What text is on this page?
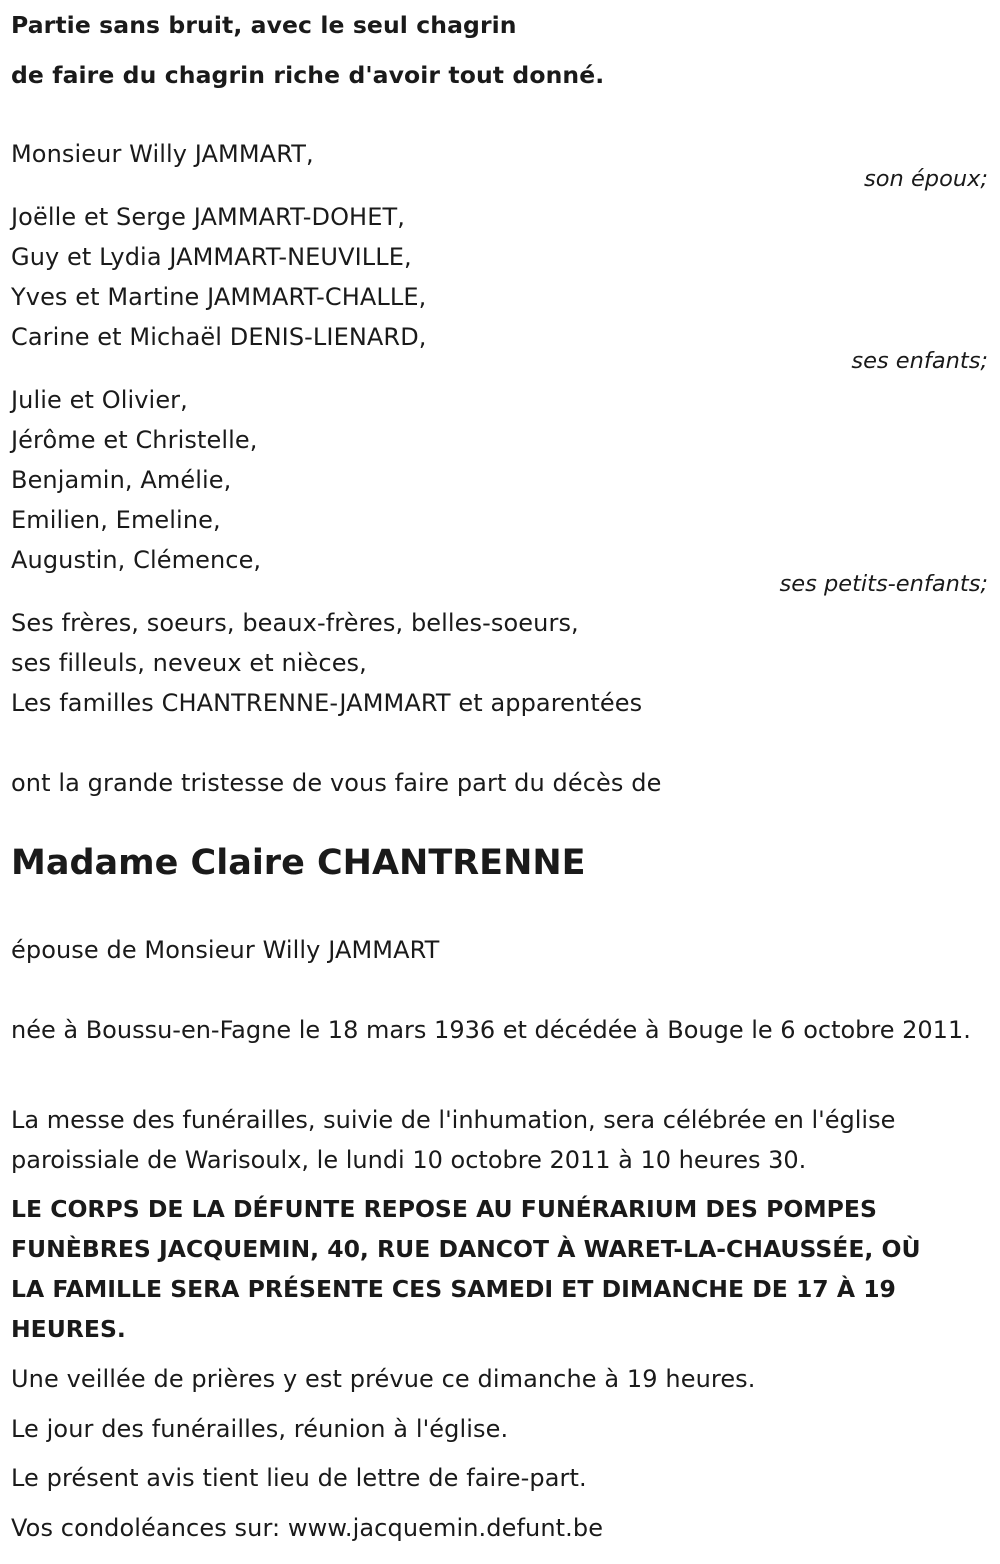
Partie sans bruit, avec le seul chagrin
de faire du chagrin riche d'avoir tout donné.
Monsieur Willy JAMMART,
son époux;
Joëlle et Serge JAMMART-DOHET,
Guy et Lydia JAMMART-NEUVILLE,
Yves et Martine JAMMART-CHALLE,
Carine et Michaël DENIS-LIENARD,
ses enfants;
Julie et Olivier,
Jérôme et Christelle,
Benjamin, Amélie,
Emilien, Emeline,
Augustin, Clémence,
ses petits-enfants;
Ses frères, soeurs, beaux-frères, belles-soeurs,
ses filleuls, neveux et nièces,
Les familles CHANTRENNE-JAMMART et apparentées
ont la grande tristesse de vous faire part du décès de
Madame Claire CHANTRENNE
épouse de Monsieur Willy JAMMART
née à Boussu-en-Fagne le 18 mars 1936 et décédée à Bouge le 6 octobre 2011.
La messe des funérailles, suivie de l'inhumation, sera célébrée en l'église paroissiale de Warisoulx, le lundi 10 octobre 2011 à 10 heures 30.
LE CORPS DE LA DÉFUNTE REPOSE AU FUNÉRARIUM DES POMPES FUNÈBRES JACQUEMIN, 40, RUE DANCOT À WARET-LA-CHAUSSÉE, OÙ LA FAMILLE SERA PRÉSENTE CES SAMEDI ET DIMANCHE DE 17 À 19 HEURES.
Une veillée de prières y est prévue ce dimanche à 19 heures.
Le jour des funérailles, réunion à l'église.
Le présent avis tient lieu de lettre de faire-part.
Vos condoléances sur: www.jacquemin.defunt.be
